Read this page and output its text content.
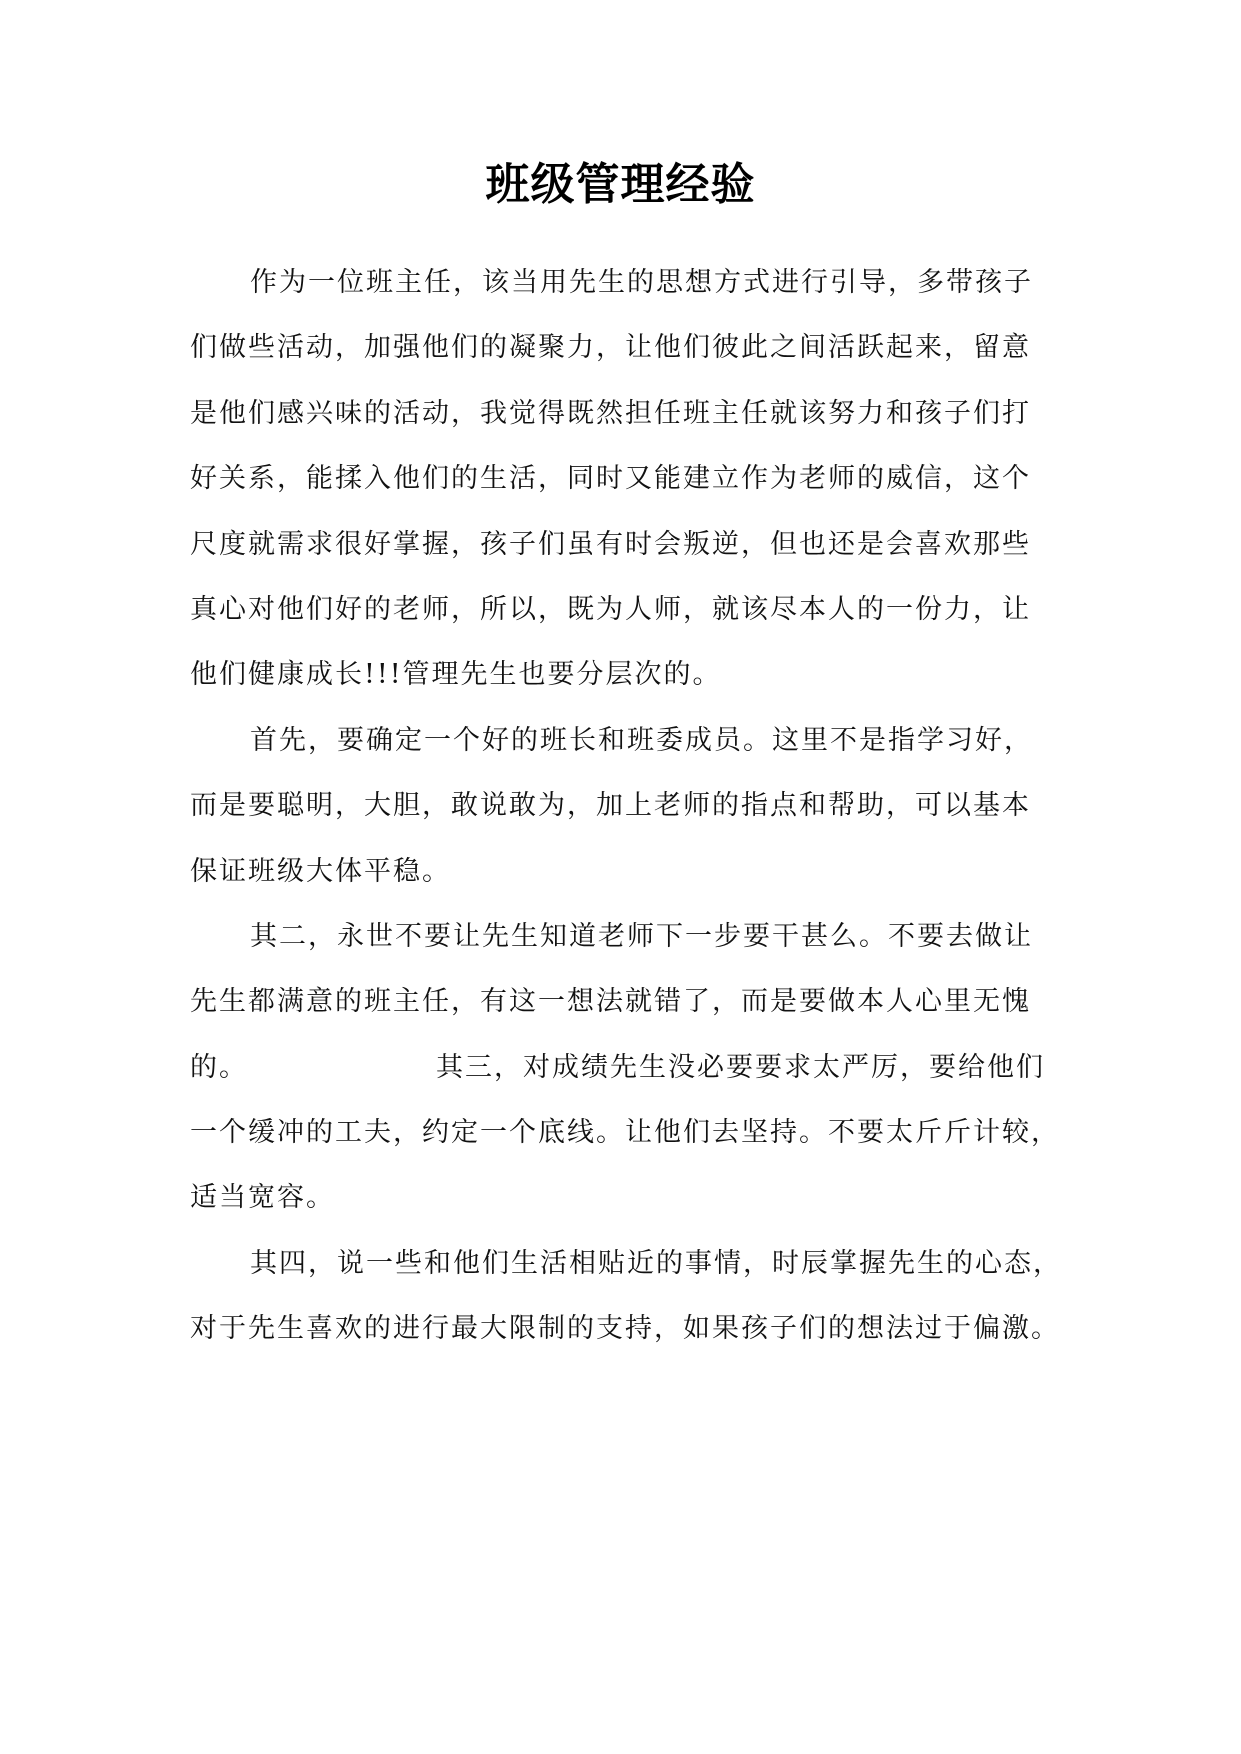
班级管理经验

作为一位班主任，该当用先生的思想方式进行引导，多带孩子
们做些活动，加强他们的凝聚力，让他们彼此之间活跃起来，留意
是他们感兴味的活动，我觉得既然担任班主任就该努力和孩子们打
好关系，能揉入他们的生活，同时又能建立作为老师的威信，这个
尺度就需求很好掌握，孩子们虽有时会叛逆，但也还是会喜欢那些
真心对他们好的老师，所以，既为人师，就该尽本人的一份力，让
他们健康成长!!!管理先生也要分层次的。

首先，要确定一个好的班长和班委成员。这里不是指学习好，
而是要聪明，大胆，敢说敢为，加上老师的指点和帮助，可以基本
保证班级大体平稳。

其二，永世不要让先生知道老师下一步要干甚么。不要去做让
先生都满意的班主任，有这一想法就错了，而是要做本人心里无愧
的。	其三，对成绩先生没必要要求太严厉，要给他们
一个缓冲的工夫，约定一个底线。让他们去坚持。不要太斤斤计较，
适当宽容。

其四，说一些和他们生活相贴近的事情，时辰掌握先生的心态，
对于先生喜欢的进行最大限制的支持，如果孩子们的想法过于偏激。
